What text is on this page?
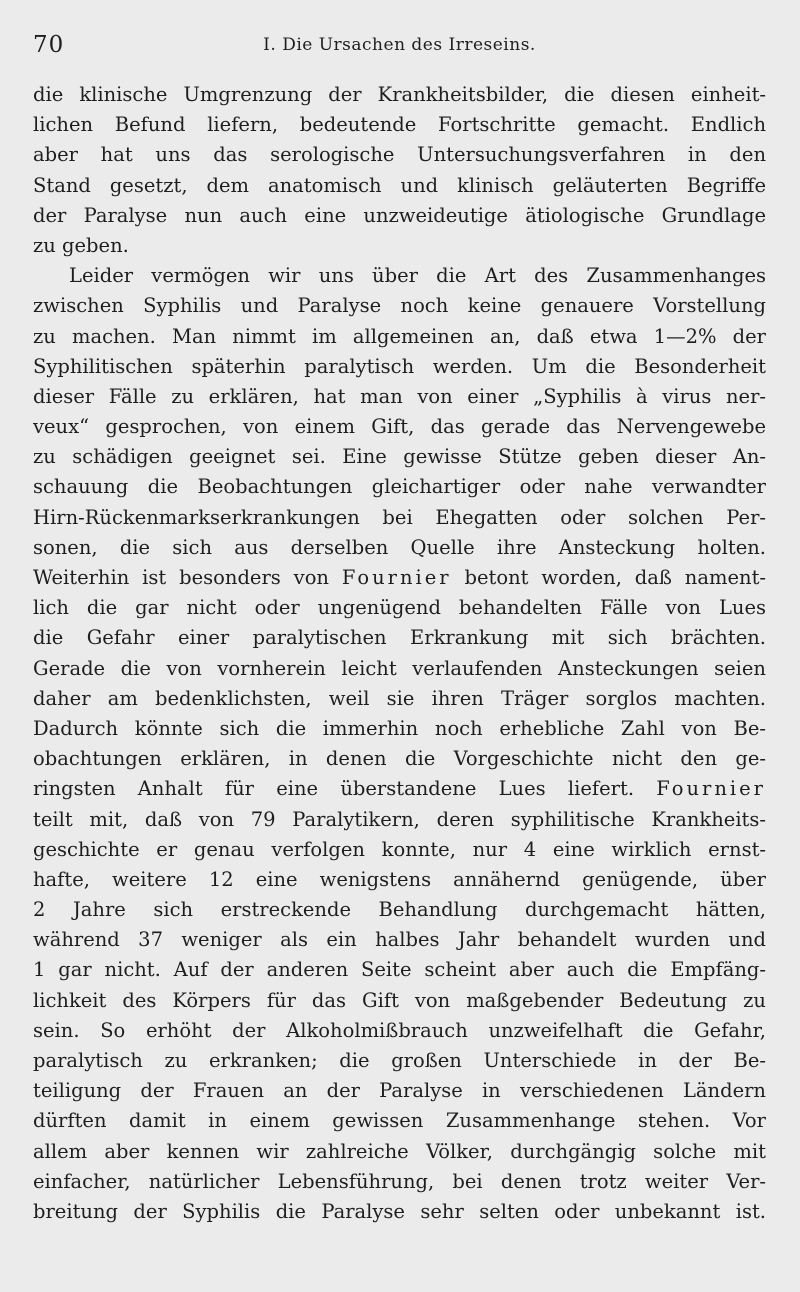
70	I. Die Ursachen des Irreseins.
die klinische Umgrenzung der Krankheitsbilder, die diesen einheit-
lichen Befund liefern, bedeutende Fortschritte gemacht. Endlich
aber hat uns das serologische Untersuchungsverfahren in den
Stand gesetzt, dem anatomisch und klinisch geläuterten Begriffe
der Paralyse nun auch eine unzweideutige ätiologische Grundlage
zu geben.
Leider vermögen wir uns über die Art des Zusammenhanges
zwischen Syphilis und Paralyse noch keine genauere Vorstellung
zu machen. Man nimmt im allgemeinen an, daß etwa 1—2% der
Syphilitischen späterhin paralytisch werden. Um die Besonderheit
dieser Fälle zu erklären, hat man von einer „Syphilis à virus ner-
veux“ gesprochen, von einem Gift, das gerade das Nervengewebe
zu schädigen geeignet sei. Eine gewisse Stütze geben dieser An-
schauung die Beobachtungen gleichartiger oder nahe verwandter
Hirn-Rückenmarkserkrankungen bei Ehegatten oder solchen Per-
sonen, die sich aus derselben Quelle ihre Ansteckung holten.
Weiterhin ist besonders von Fournier betont worden, daß nament-
lich die gar nicht oder ungenügend behandelten Fälle von Lues
die Gefahr einer paralytischen Erkrankung mit sich brächten.
Gerade die von vornherein leicht verlaufenden Ansteckungen seien
daher am bedenklichsten, weil sie ihren Träger sorglos machten.
Dadurch könnte sich die immerhin noch erhebliche Zahl von Be-
obachtungen erklären, in denen die Vorgeschichte nicht den ge-
ringsten Anhalt für eine überstandene Lues liefert. Fournier
teilt mit, daß von 79 Paralytikern, deren syphilitische Krankheits-
geschichte er genau verfolgen konnte, nur 4 eine wirklich ernst-
hafte, weitere 12 eine wenigstens annähernd genügende, über
2 Jahre sich erstreckende Behandlung durchgemacht hätten,
während 37 weniger als ein halbes Jahr behandelt wurden und
1 gar nicht. Auf der anderen Seite scheint aber auch die Empfäng-
lichkeit des Körpers für das Gift von maßgebender Bedeutung zu
sein. So erhöht der Alkoholmißbrauch unzweifelhaft die Gefahr,
paralytisch zu erkranken; die großen Unterschiede in der Be-
teiligung der Frauen an der Paralyse in verschiedenen Ländern
dürften damit in einem gewissen Zusammenhange stehen. Vor
allem aber kennen wir zahlreiche Völker, durchgängig solche mit
einfacher, natürlicher Lebensführung, bei denen trotz weiter Ver-
breitung der Syphilis die Paralyse sehr selten oder unbekannt ist.
